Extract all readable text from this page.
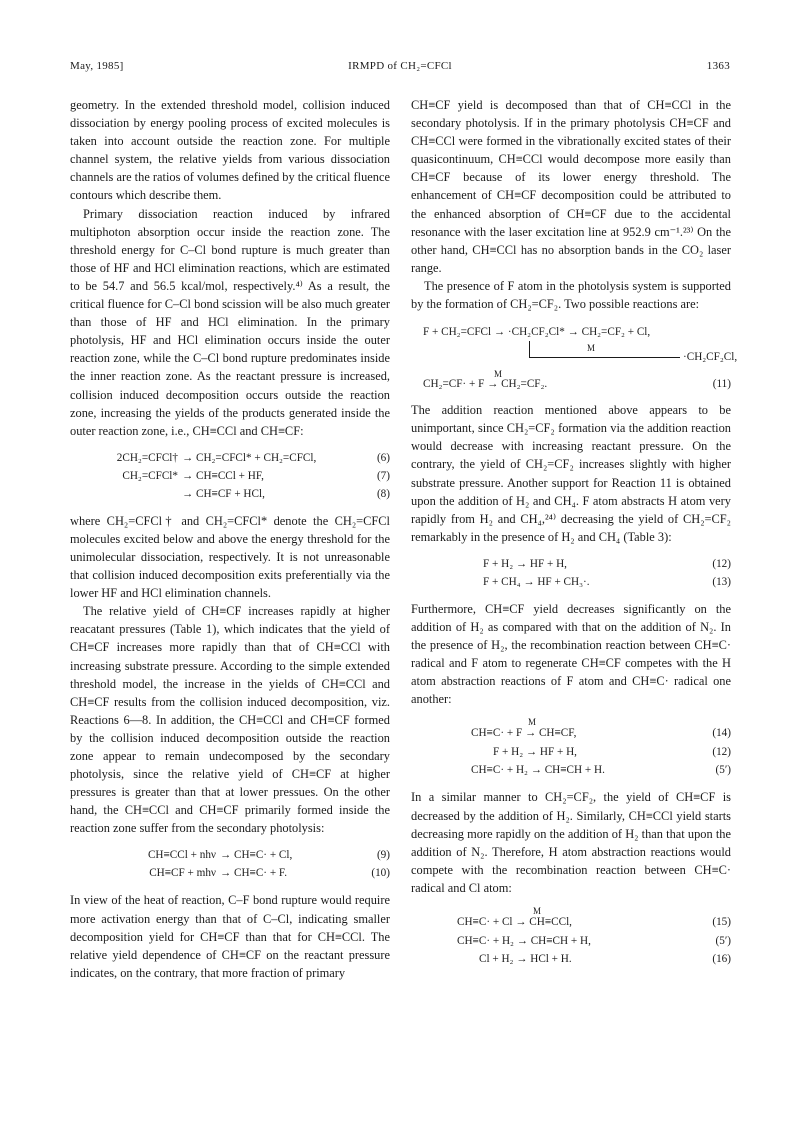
May, 1985]	IRMPD of CH₂=CFCl	1363

geometry. In the extended threshold model, collision induced dissociation by energy pooling process of excited molecules is taken into account outside the reaction zone. For multiple channel system, the relative yields from various dissociation channels are the ratios of volumes defined by the critical fluence contours which describe them.

Primary dissociation reaction induced by infrared multiphoton absorption occur inside the reaction zone. The threshold energy for C–Cl bond rupture is much greater than those of HF and HCl elimination reactions, which are estimated to be 54.7 and 56.5 kcal/mol, respectively.⁴⁾ As a result, the critical fluence for C–Cl bond scission will be also much greater than those of HF and HCl elimination. In the primary photolysis, HF and HCl elimination occurs inside the outer reaction zone, while the C–Cl bond rupture predominates inside the inner reaction zone. As the reactant pressure is increased, collision induced decomposition occurs outside the reaction zone, increasing the yields of the products generated inside the outer reaction zone, i.e., CH≡CCl and CH≡CF:

2CH₂=CFCl† → CH₂=CFCl* + CH₂=CFCl,	(6)
CH₂=CFCl* → CH≡CCl + HF,	(7)
→ CH≡CF + HCl,	(8)

where CH₂=CFCl† and CH₂=CFCl* denote the CH₂=CFCl molecules excited below and above the energy threshold for the unimolecular dissociation, respectively. It is not unreasonable that collision induced decomposition exits preferentially via the lower HF and HCl elimination channels.

The relative yield of CH≡CF increases rapidly at higher reacatant pressures (Table 1), which indicates that the yield of CH≡CF increases more rapidly than that of CH≡CCl with increasing substrate pressure. According to the simple extended threshold model, the increase in the yields of CH≡CCl and CH≡CF results from the collision induced decomposition, viz. Reactions 6—8. In addition, the CH≡CCl and CH≡CF formed by the collision induced decomposition outside the reaction zone appear to remain undecomposed by the secondary photolysis, since the relative yield of CH≡CF at higher pressures is greater than that at lower pressues. On the other hand, the CH≡CCl and CH≡CF primarily formed inside the reaction zone suffer from the secondary photolysis:

CH≡CCl + nhν → CH≡C· + Cl,	(9)
CH≡CF + mhν → CH≡C· + F.	(10)

In view of the heat of reaction, C–F bond rupture would require more activation energy than that of C–Cl, indicating smaller decomposition yield for CH≡CF than that for CH≡CCl. The relative yield dependence of CH≡CF on the reactant pressure indicates, on the contrary, that more fraction of primary

CH≡CF yield is decomposed than that of CH≡CCl in the secondary photolysis. If in the primary photolysis CH≡CF and CH≡CCl were formed in the vibrationally excited states of their quasicontinuum, CH≡CCl would decompose more easily than CH≡CF because of its lower energy threshold. The enhancement of CH≡CF decomposition could be attributed to the enhanced absorption of CH≡CF due to the accidental resonance with the laser excitation line at 952.9 cm⁻¹.²³⁾ On the other hand, CH≡CCl has no absorption bands in the CO₂ laser range.

The presence of F atom in the photolysis system is supported by the formation of CH₂=CF₂. Two possible reactions are:

F + CH₂=CFCl → ·CH₂CF₂Cl* → CH₂=CF₂ + Cl,
M
·CH₂CF₂Cl,
M
CH₂=CF· + F → CH₂=CF₂.	(11)

The addition reaction mentioned above appears to be unimportant, since CH₂=CF₂ formation via the addition reaction would decrease with increasing reactant pressure. On the contrary, the yield of CH₂=CF₂ increases slightly with higher substrate pressure. Another support for Reaction 11 is obtained upon the addition of H₂ and CH₄. F atom abstracts H atom very rapidly from H₂ and CH₄,²⁴⁾ decreasing the yield of CH₂=CF₂ remarkably in the presence of H₂ and CH₄ (Table 3):

F + H₂ → HF + H,	(12)
F + CH₄ → HF + CH₃·.	(13)

Furthermore, CH≡CF yield decreases significantly on the addition of H₂ as compared with that on the addition of N₂. In the presence of H₂, the recombination reaction between CH≡C· radical and F atom to regenerate CH≡CF competes with the H atom abstraction reactions of F atom and CH≡C· radical one another:

M
CH≡C· + F → CH≡CF,	(14)
F + H₂ → HF + H,	(12)
CH≡C· + H₂ → CH≡CH + H.	(5′)

In a similar manner to CH₂=CF₂, the yield of CH≡CF is decreased by the addition of H₂. Similarly, CH≡CCl yield starts decreasing more rapidly on the addition of H₂ than that upon the addition of N₂. Therefore, H atom abstraction reactions would compete with the recombination reaction between CH≡C· radical and Cl atom:

M
CH≡C· + Cl → CH≡CCl,	(15)
CH≡C· + H₂ → CH≡CH + H,	(5′)
Cl + H₂ → HCl + H.	(16)
